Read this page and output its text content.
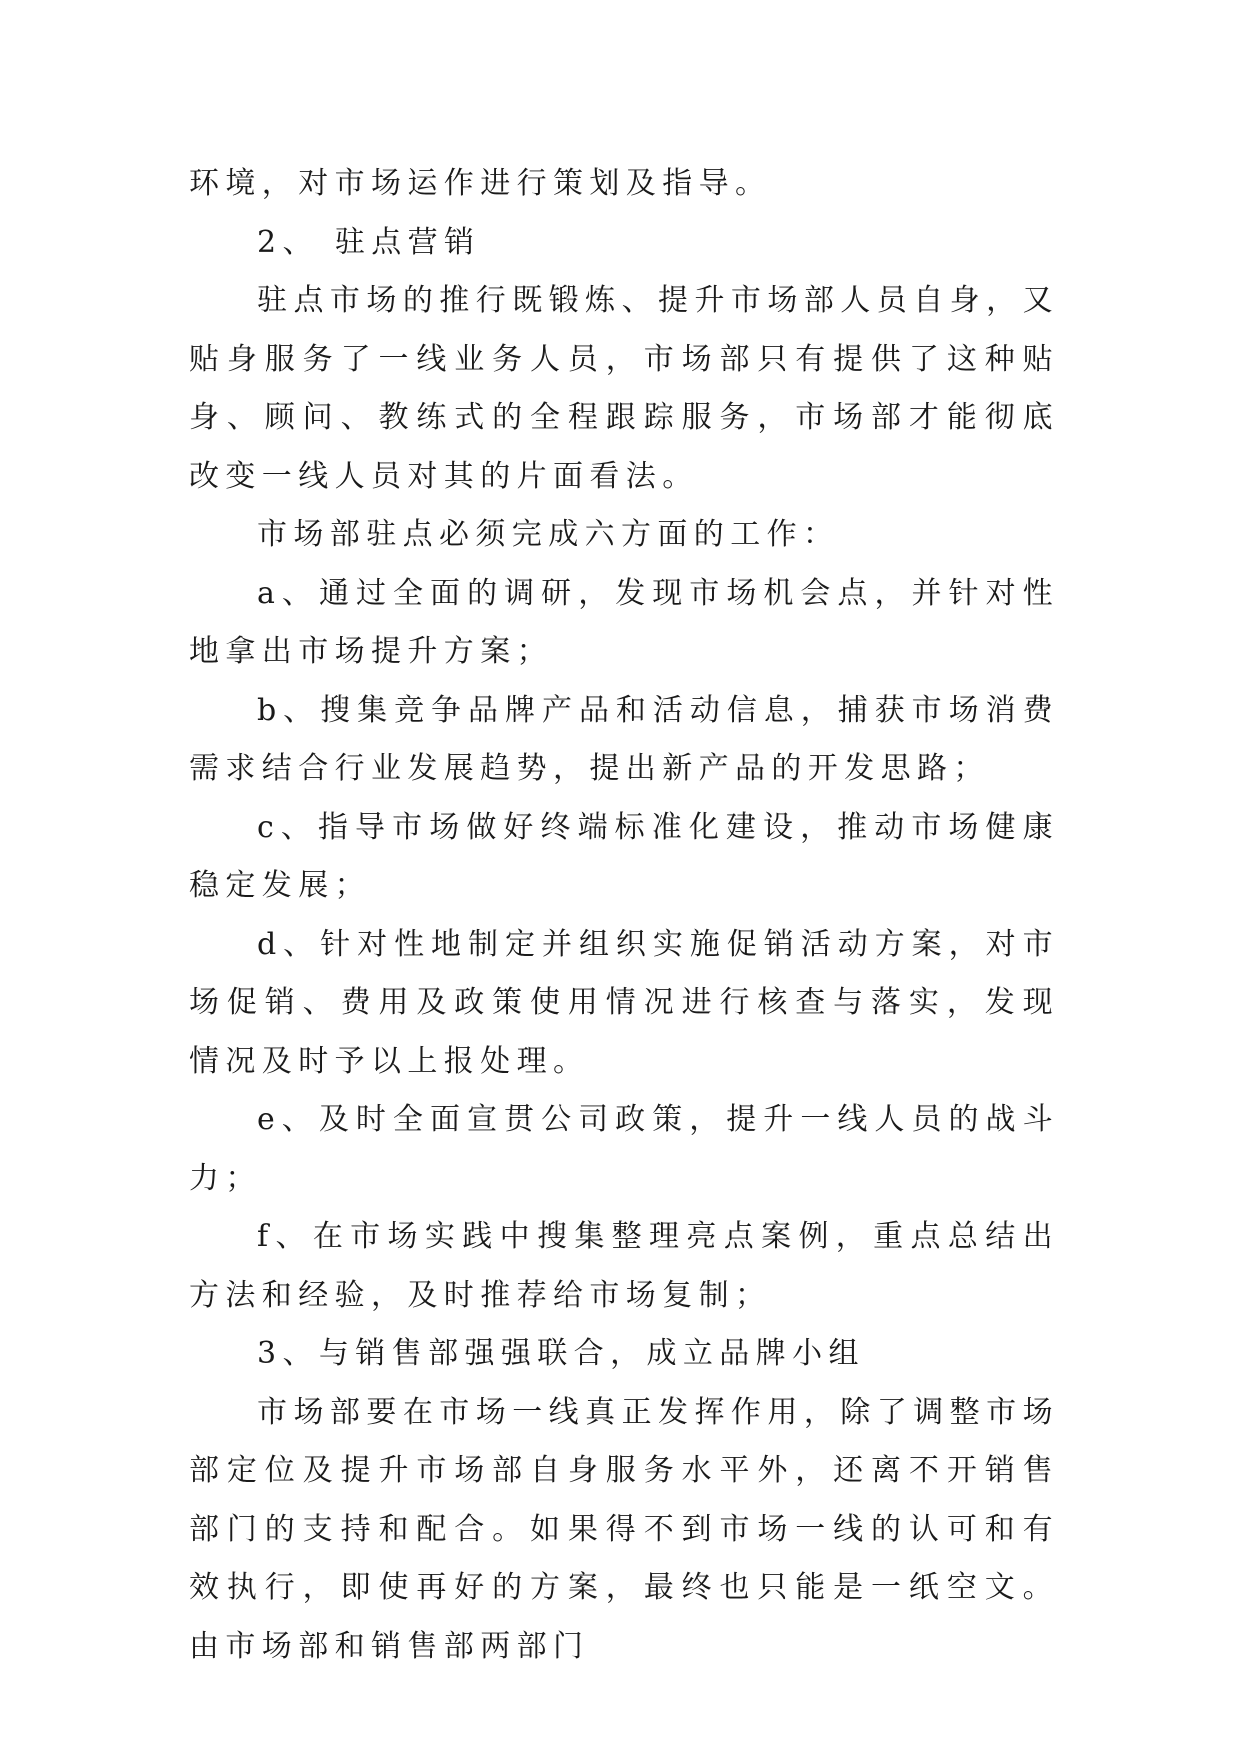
环境，对市场运作进行策划及指导。

2、 驻点营销

驻点市场的推行既锻炼、提升市场部人员自身，又贴身服务了一线业务人员，市场部只有提供了这种贴身、顾问、教练式的全程跟踪服务，市场部才能彻底改变一线人员对其的片面看法。

市场部驻点必须完成六方面的工作：

a、通过全面的调研，发现市场机会点，并针对性地拿出市场提升方案；

b、搜集竞争品牌产品和活动信息，捕获市场消费需求结合行业发展趋势，提出新产品的开发思路；

c、指导市场做好终端标准化建设，推动市场健康稳定发展；

d、针对性地制定并组织实施促销活动方案，对市场促销、费用及政策使用情况进行核查与落实，发现情况及时予以上报处理。

e、及时全面宣贯公司政策，提升一线人员的战斗力；

f、在市场实践中搜集整理亮点案例，重点总结出方法和经验，及时推荐给市场复制；

3、与销售部强强联合，成立品牌小组

市场部要在市场一线真正发挥作用，除了调整市场部定位及提升市场部自身服务水平外，还离不开销售部门的支持和配合。如果得不到市场一线的认可和有效执行，即使再好的方案，最终也只能是一纸空文。由市场部和销售部两部门
